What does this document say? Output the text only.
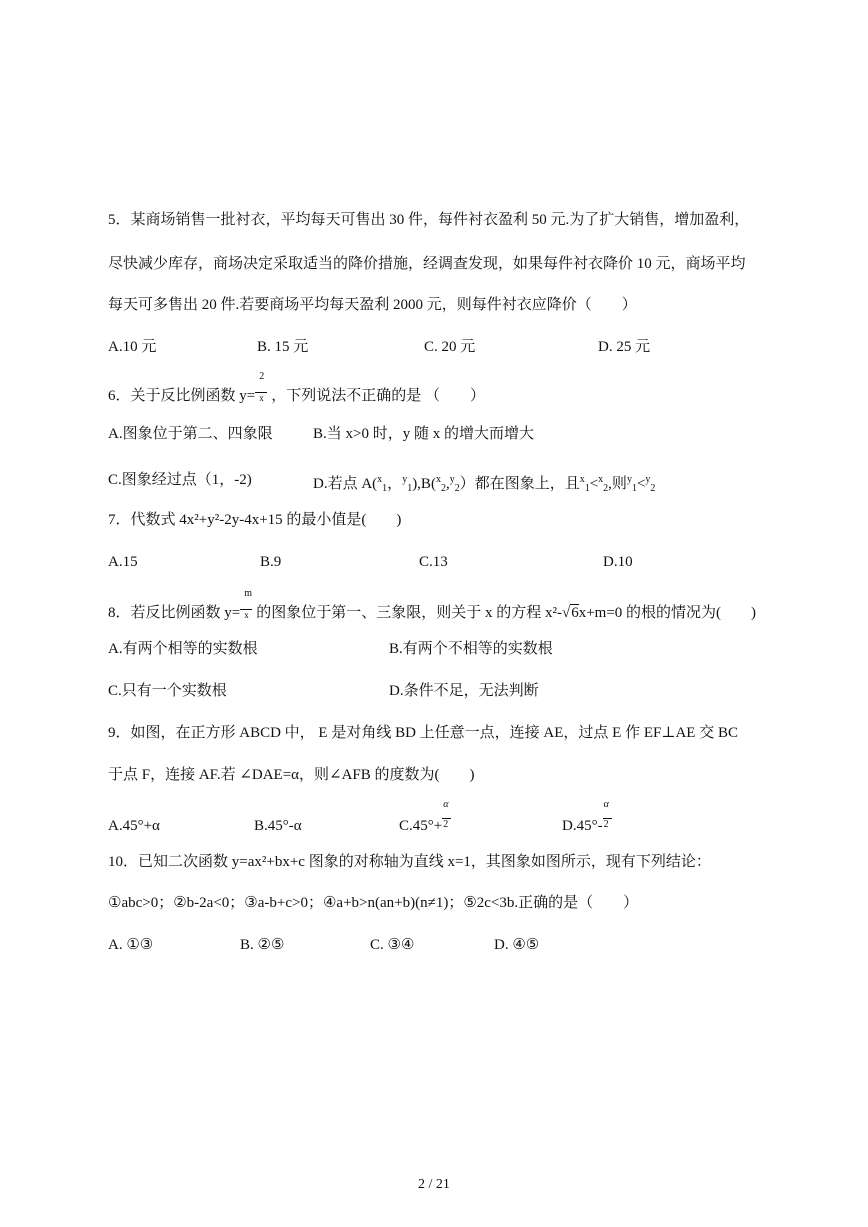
5．某商场销售一批衬衣，平均每天可售出 30 件，每件衬衣盈利 50 元.为了扩大销售，增加盈利，
尽快减少库存，商场决定采取适当的降价措施，经调查发现，如果每件衬衣降价 10 元，商场平均
每天可多售出 20 件.若要商场平均每天盈利 2000 元，则每件衬衣应降价（　　）
A.10 元	B. 15 元	C. 20 元	D. 25 元
6．关于反比例函数 $y= \frac{2}{x}$ ，下列说法不正确的是 （　　）
A.图象位于第二、四象限	B.当 x>0 时，y 随 x 的增大而增大
C.图象经过点（1，-2)	D.若点 A($^x_1$，$^y_1$),B($^x_2$,$^y_2$）都在图象上，且$^x_1$<$^x_2$,则$^y_1$<$^y_2$
7．代数式 4x²+y²-2y-4x+15 的最小值是(　　)
A.15	B.9	C.13	D.10
8．若反比例函数 $y= \frac{m}{x}$ 的图象位于第一、三象限，则关于 x 的方程 x²-√6x+m=0 的根的情况为(　　)
A.有两个相等的实数根	B.有两个不相等的实数根
C.只有一个实数根	D.条件不足，无法判断
9．如图，在正方形 ABCD 中， E 是对角线 BD 上任意一点，连接 AE，过点 E 作 EF⊥AE 交 BC
于点 F，连接 AF.若 ∠DAE=α，则∠AFB 的度数为(　　)
A.45°+α	B.45°-α	$C.45^\circ+ \frac{\alpha}{2}$	$D.45^\circ- \frac{\alpha}{2}$
10．已知二次函数 y=ax²+bx+c 图象的对称轴为直线 x=1，其图象如图所示，现有下列结论：
①abc>0；②b-2a<0；③a-b+c>0；④a+b>n(an+b)(n≠1)；⑤2c<3b.正确的是（　　）
A. ①③	B. ②⑤	C. ③④	D. ④⑤
2 / 21
